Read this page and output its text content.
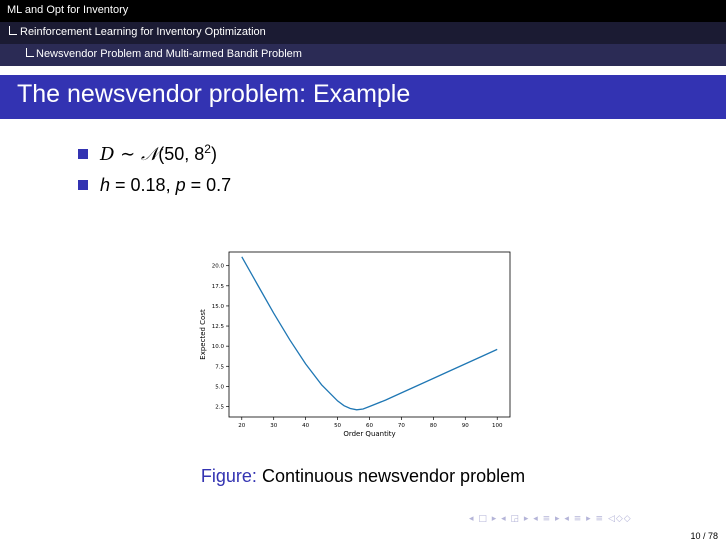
ML and Opt for Inventory
Reinforcement Learning for Inventory Optimization
Newsvendor Problem and Multi-armed Bandit Problem
The newsvendor problem: Example
D ∼ 𝒩(50, $8^2$)
h = 0.18, p = 0.7
20	30	40	50	60	70	80	90	100
2.5
5.0
7.5
10.0
12.5
15.0
17.5
20.0
Order Quantity
Expected Cost
Figure: Continuous newsvendor problem
◂ □ ▸ ◂ ◲ ▸ ◂ ≡ ▸ ◂ ≡ ▸ ≡ ◁◇◇
10 / 78
